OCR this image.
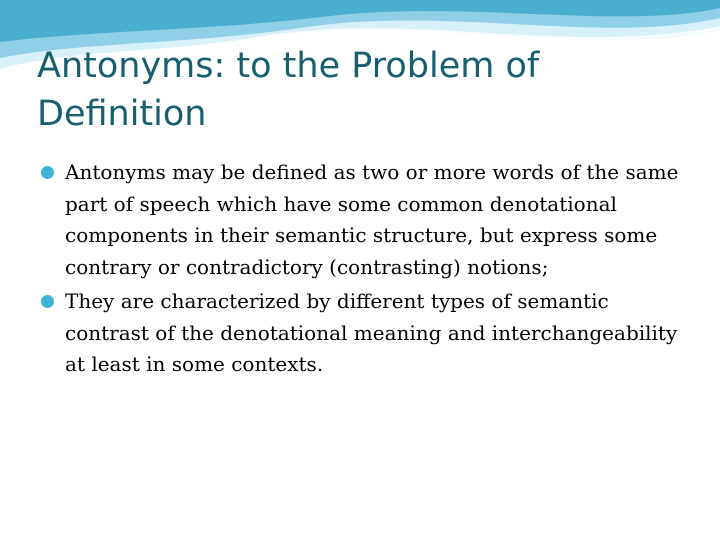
Antonyms: to the Problem of
Definition
Antonyms may be defined as two or more words of the same part of speech which have some common denotational components in their semantic structure, but express some contrary or contradictory (contrasting) notions;
They are characterized by different types of semantic contrast of the denotational meaning and interchangeability at least in some contexts.
